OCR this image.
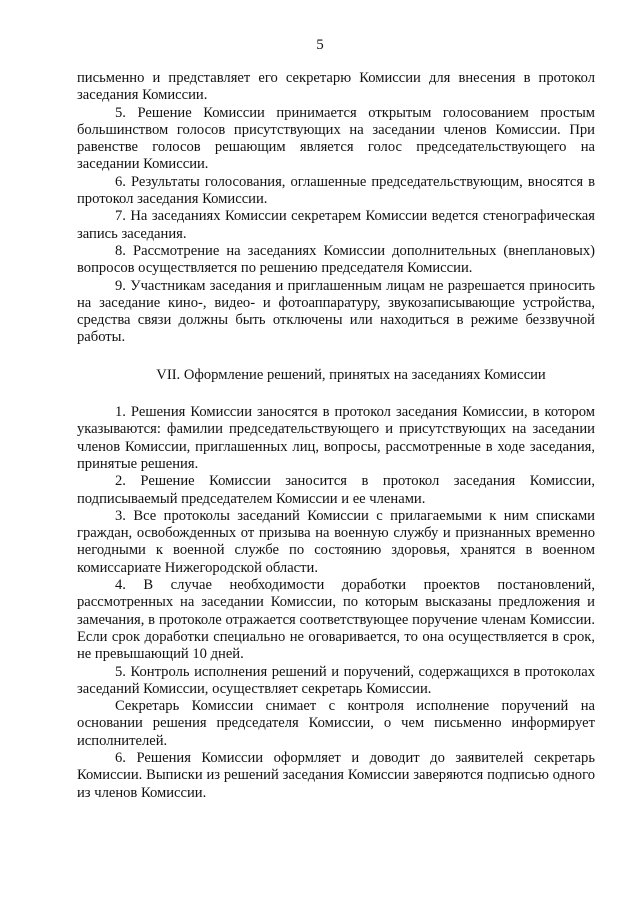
5

письменно и представляет его секретарю Комиссии для внесения в протокол заседания Комиссии.

5. Решение Комиссии принимается открытым голосованием простым большинством голосов присутствующих на заседании членов Комиссии. При равенстве голосов решающим является голос председательствующего на заседании Комиссии.

6. Результаты голосования, оглашенные председательствующим, вносятся в протокол заседания Комиссии.

7. На заседаниях Комиссии секретарем Комиссии ведется стенографическая запись заседания.

8. Рассмотрение на заседаниях Комиссии дополнительных (внеплановых) вопросов осуществляется по решению председателя Комиссии.

9. Участникам заседания и приглашенным лицам не разрешается приносить на заседание кино-, видео- и фотоаппаратуру, звукозаписывающие устройства, средства связи должны быть отключены или находиться в режиме беззвучной работы.

VII. Оформление решений, принятых на заседаниях Комиссии

1. Решения Комиссии заносятся в протокол заседания Комиссии, в котором указываются: фамилии председательствующего и присутствующих на заседании членов Комиссии, приглашенных лиц, вопросы, рассмотренные в ходе заседания, принятые решения.

2. Решение Комиссии заносится в протокол заседания Комиссии, подписываемый председателем Комиссии и ее членами.

3. Все протоколы заседаний Комиссии с прилагаемыми к ним списками граждан, освобожденных от призыва на военную службу и признанных временно негодными к военной службе по состоянию здоровья, хранятся в военном комиссариате Нижегородской области.

4. В случае необходимости доработки проектов постановлений, рассмотренных на заседании Комиссии, по которым высказаны предложения и замечания, в протоколе отражается соответствующее поручение членам Комиссии. Если срок доработки специально не оговаривается, то она осуществляется в срок, не превышающий 10 дней.

5. Контроль исполнения решений и поручений, содержащихся в протоколах заседаний Комиссии, осуществляет секретарь Комиссии.

Секретарь Комиссии снимает с контроля исполнение поручений на основании решения председателя Комиссии, о чем письменно информирует исполнителей.

6. Решения Комиссии оформляет и доводит до заявителей секретарь Комиссии. Выписки из решений заседания Комиссии заверяются подписью одного из членов Комиссии.
